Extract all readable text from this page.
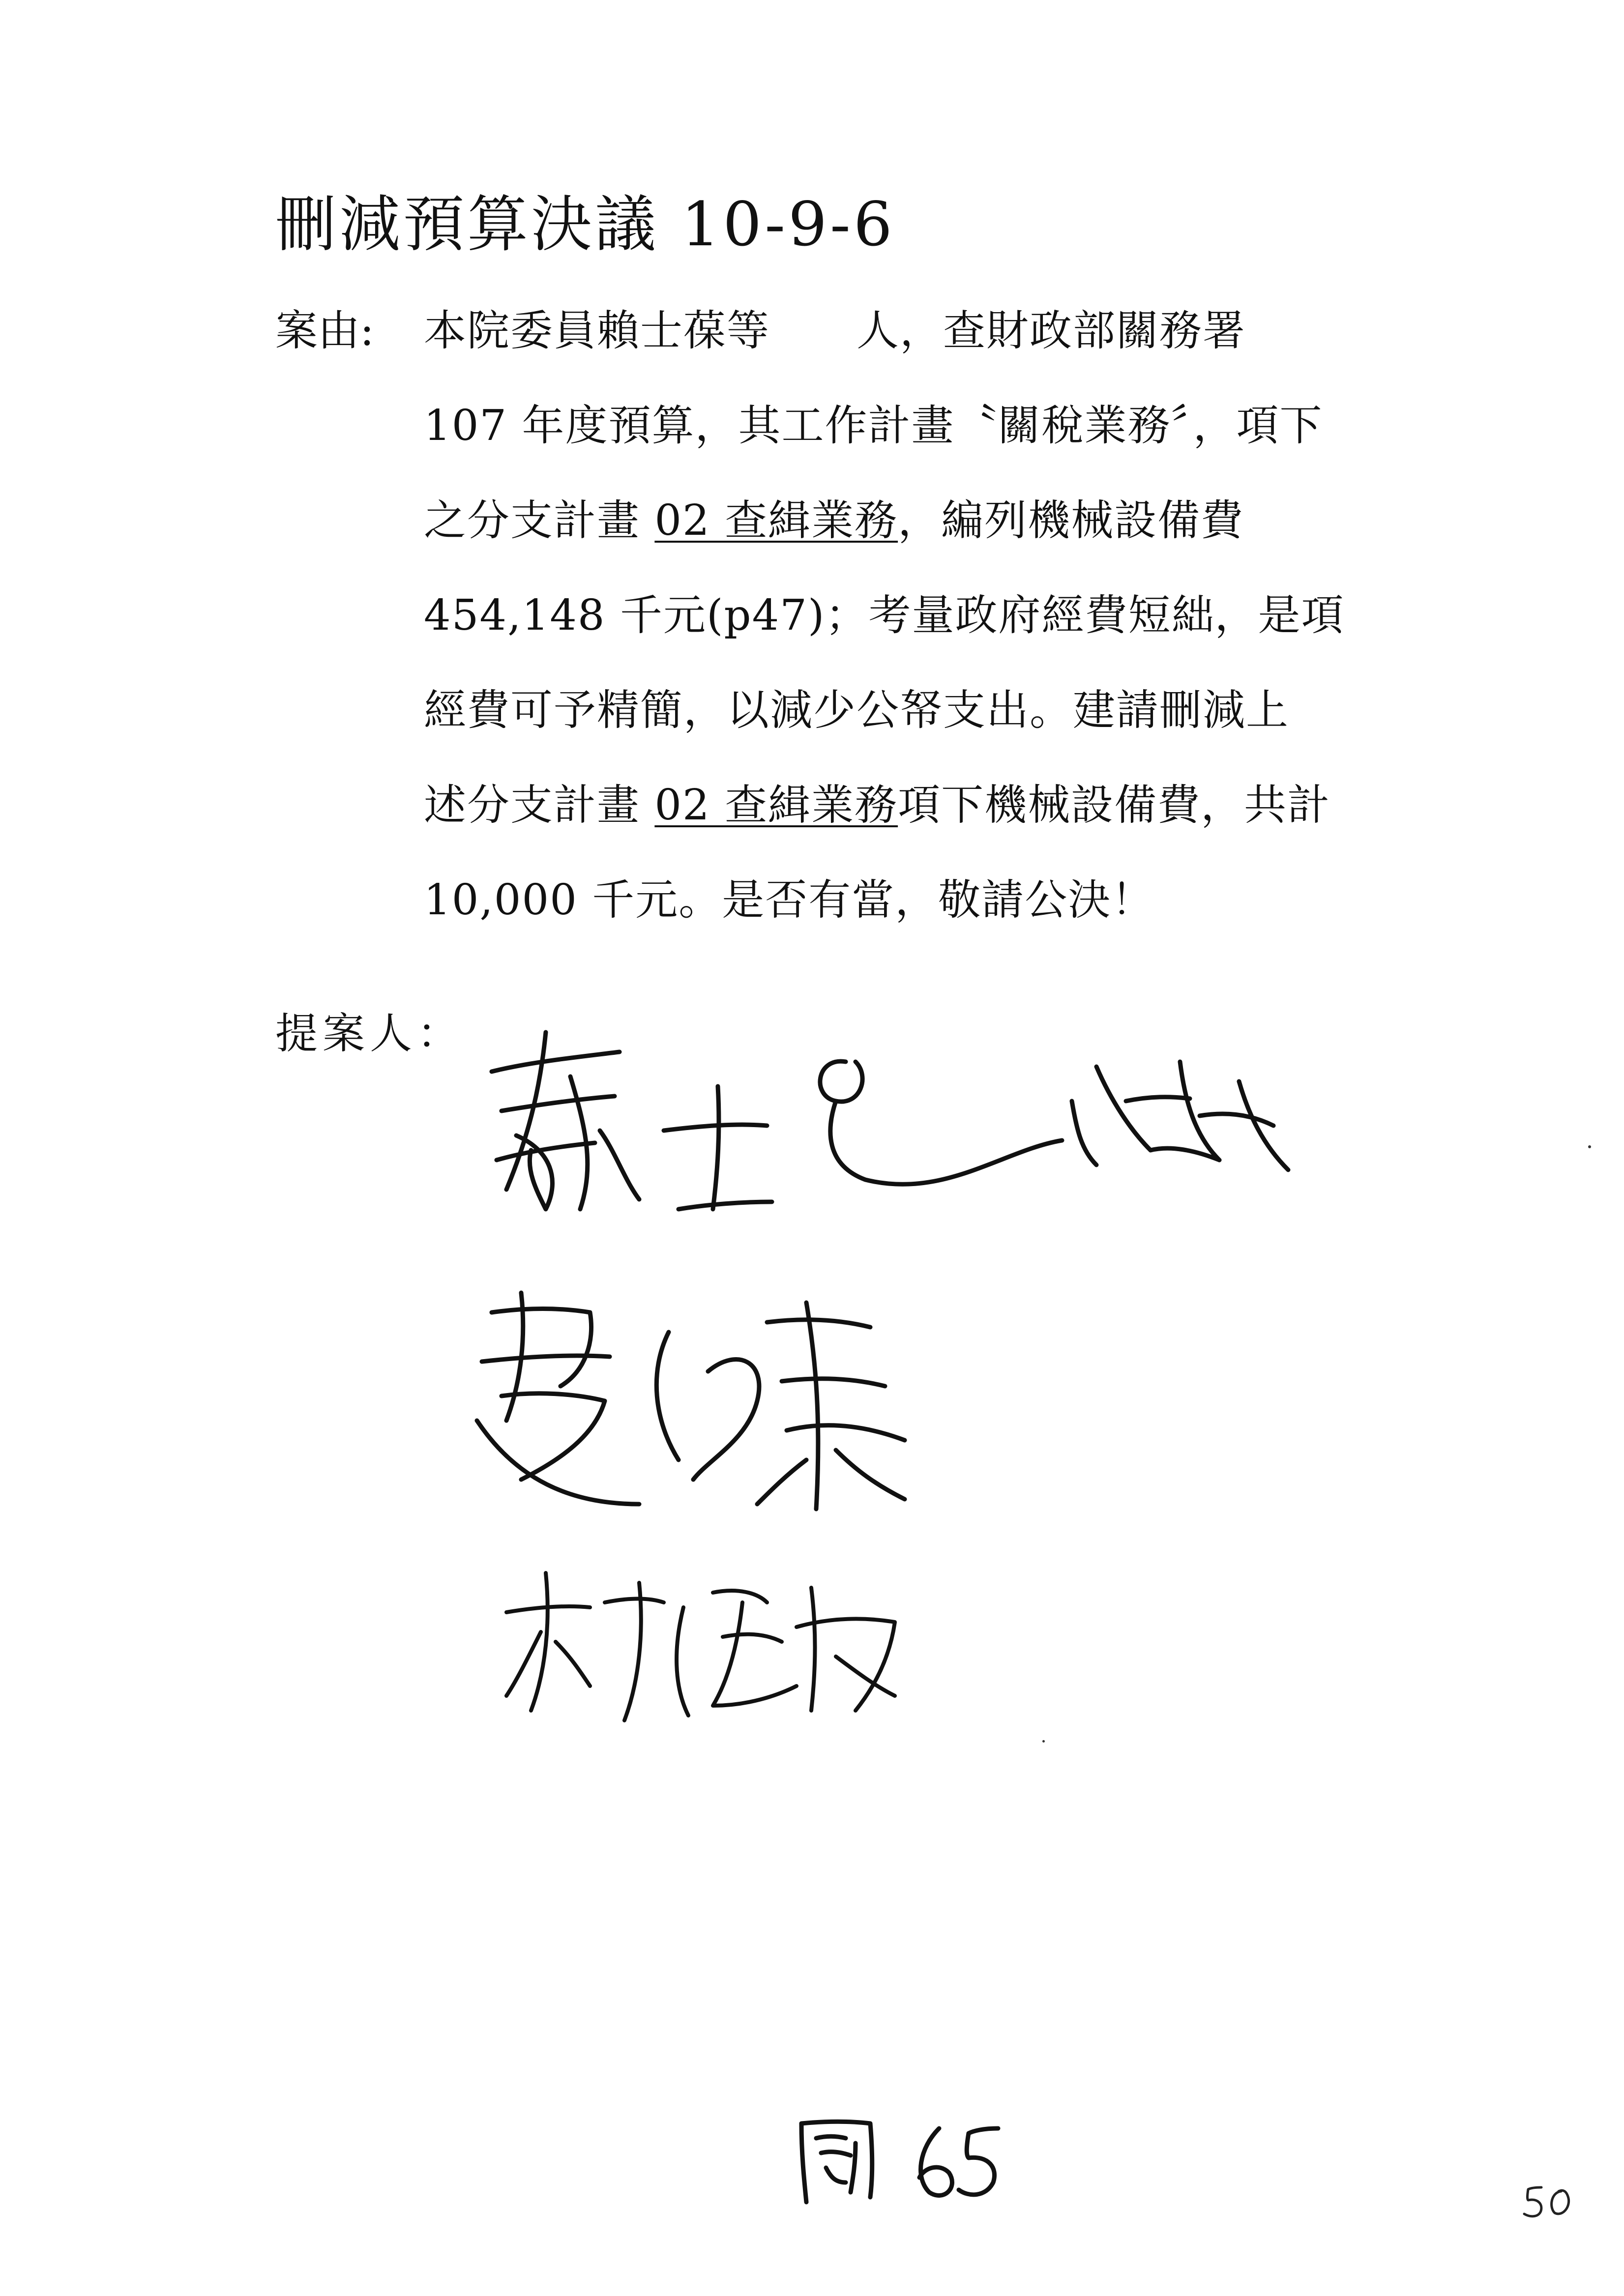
刪減預算決議 10-9-6
案由: 本院委員賴士葆等　　人，查財政部關務署
107 年度預算，其工作計畫〝關稅業務〞，項下
之分支計畫 02 查緝業務，編列機械設備費
454,148 千元(p47)；考量政府經費短絀，是項
經費可予精簡，以減少公帑支出。建請刪減上
述分支計畫 02 查緝業務項下機械設備費，共計
10,000 千元。是否有當，敬請公決！
提案人：
